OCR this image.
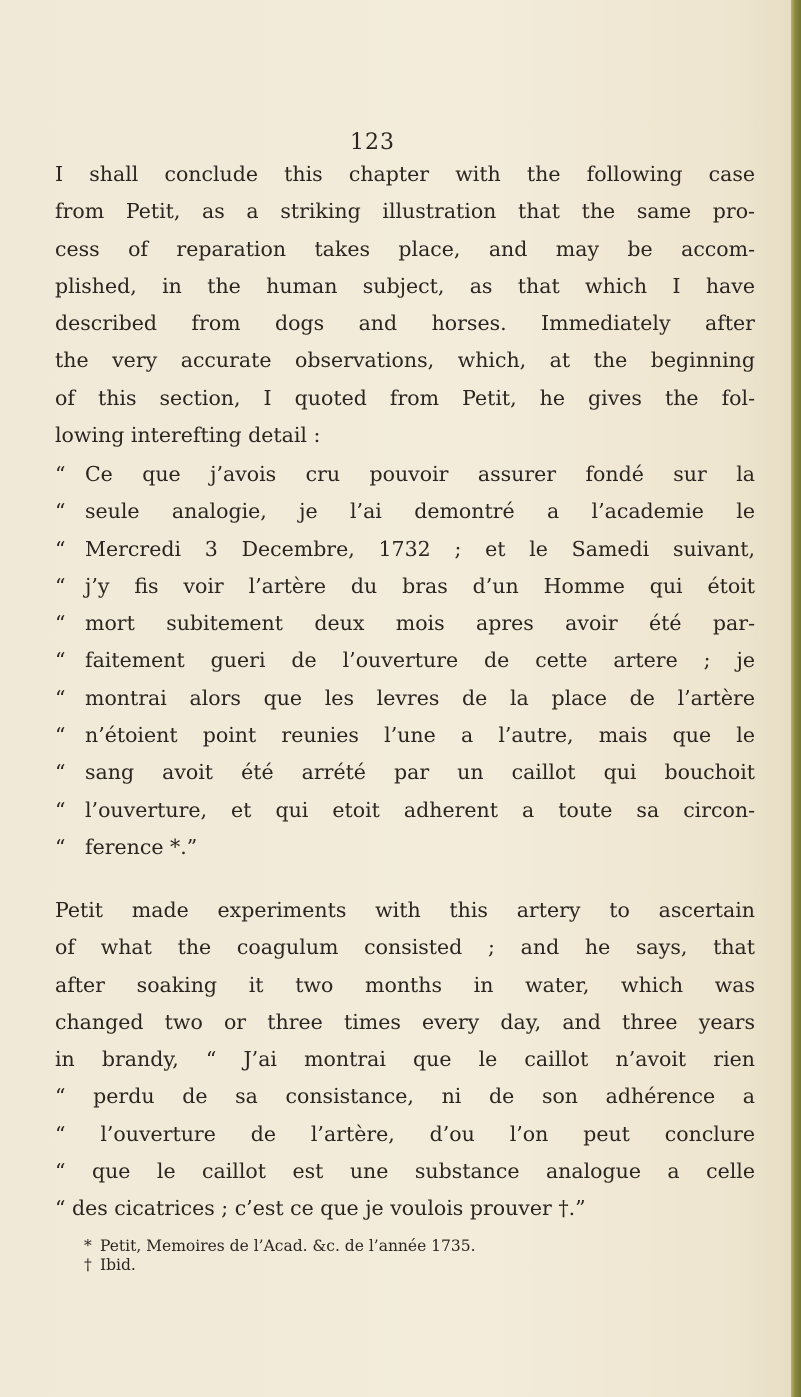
123
I shall conclude this chapter with the following case
from Petit, as a striking illustration that the same pro-
cess of reparation takes place, and may be accom-
plished, in the human subject, as that which I have
described from dogs and horses. Immediately after
the very accurate observations, which, at the beginning
of this section, I quoted from Petit, he gives the fol-
lowing interefting detail :
“ Ce que j’avois cru pouvoir assurer fondé sur la
“ seule analogie, je l’ai demontré a l’academie le
“ Mercredi 3 Decembre, 1732 ; et le Samedi suivant,
“ j’y fis voir l’artère du bras d’un Homme qui étoit
“ mort subitement deux mois apres avoir été par-
“ faitement gueri de l’ouverture de cette artere ; je
“ montrai alors que les levres de la place de l’artère
“ n’étoient point reunies l’une a l’autre, mais que le
“ sang avoit été arrété par un caillot qui bouchoit
“ l’ouverture, et qui etoit adherent a toute sa circon-
“ ference *.”
Petit made experiments with this artery to ascertain
of what the coagulum consisted ; and he says, that
after soaking it two months in water, which was
changed two or three times every day, and three years
in brandy, “ J’ai montrai que le caillot n’avoit rien
“ perdu de sa consistance, ni de son adhérence a
“ l’ouverture de l’artère, d’ou l’on peut conclure
“ que le caillot est une substance analogue a celle
“ des cicatrices ; c’est ce que je voulois prouver †.”
* Petit, Memoires de l’Acad. &c. de l’année 1735.
† Ibid.
